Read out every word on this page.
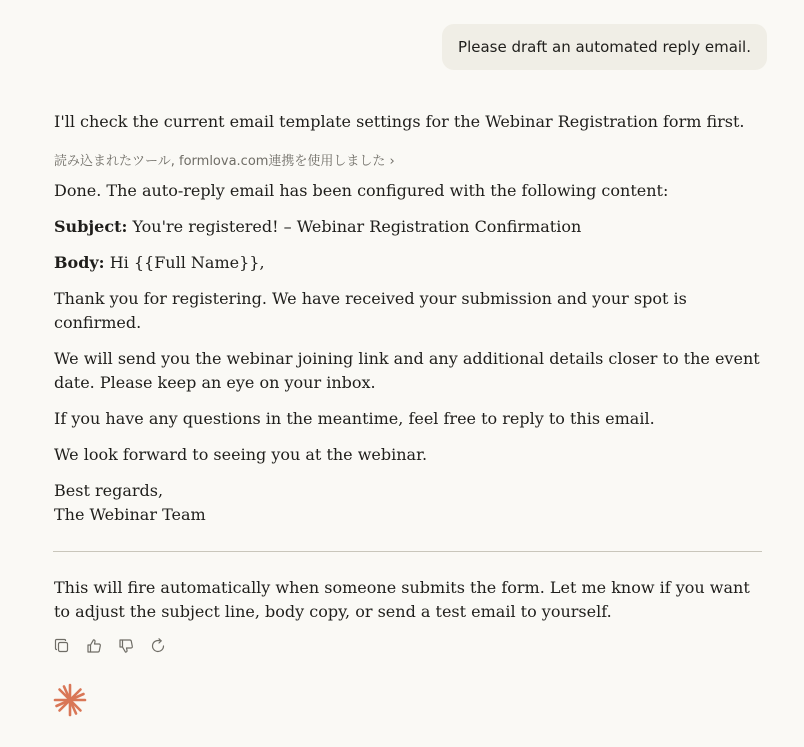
Please draft an automated reply email.

I'll check the current email template settings for the Webinar Registration form first.

読み込まれたツール, formlova.com連携を使用しました ›

Done. The auto-reply email has been configured with the following content:

Subject: You're registered! – Webinar Registration Confirmation

Body: Hi {{Full Name}},

Thank you for registering. We have received your submission and your spot is confirmed.

We will send you the webinar joining link and any additional details closer to the event date. Please keep an eye on your inbox.

If you have any questions in the meantime, feel free to reply to this email.

We look forward to seeing you at the webinar.

Best regards,
The Webinar Team

This will fire automatically when someone submits the form. Let me know if you want to adjust the subject line, body copy, or send a test email to yourself.
